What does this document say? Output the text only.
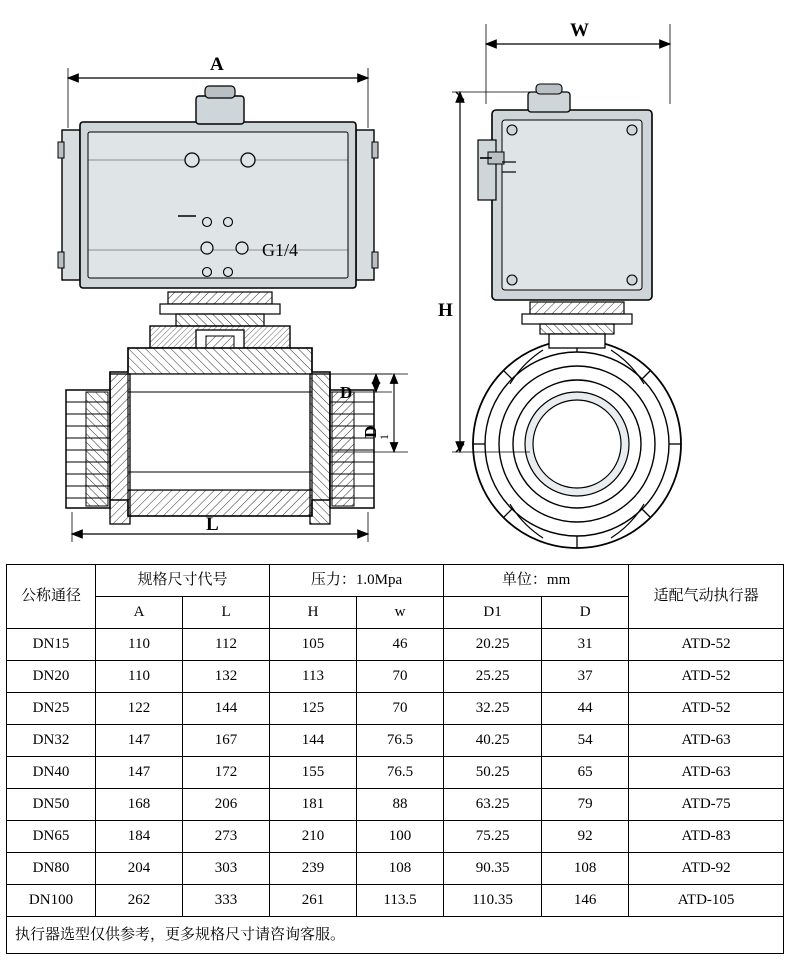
G1/4
A
L
D
D
1
W
H
公称通径	规格尺寸代号		压力：1.0Mpa		单位：mm		适配气动执行器
	A	L	H	w	D1	D	
DN15	110	112	105	46	20.25	31	ATD-52
DN20	110	132	113	70	25.25	37	ATD-52
DN25	122	144	125	70	32.25	44	ATD-52
DN32	147	167	144	76.5	40.25	54	ATD-63
DN40	147	172	155	76.5	50.25	65	ATD-63
DN50	168	206	181	88	63.25	79	ATD-75
DN65	184	273	210	100	75.25	92	ATD-83
DN80	204	303	239	108	90.35	108	ATD-92
DN100	262	333	261	113.5	110.35	146	ATD-105
执行器选型仅供参考，更多规格尺寸请咨询客服。							
